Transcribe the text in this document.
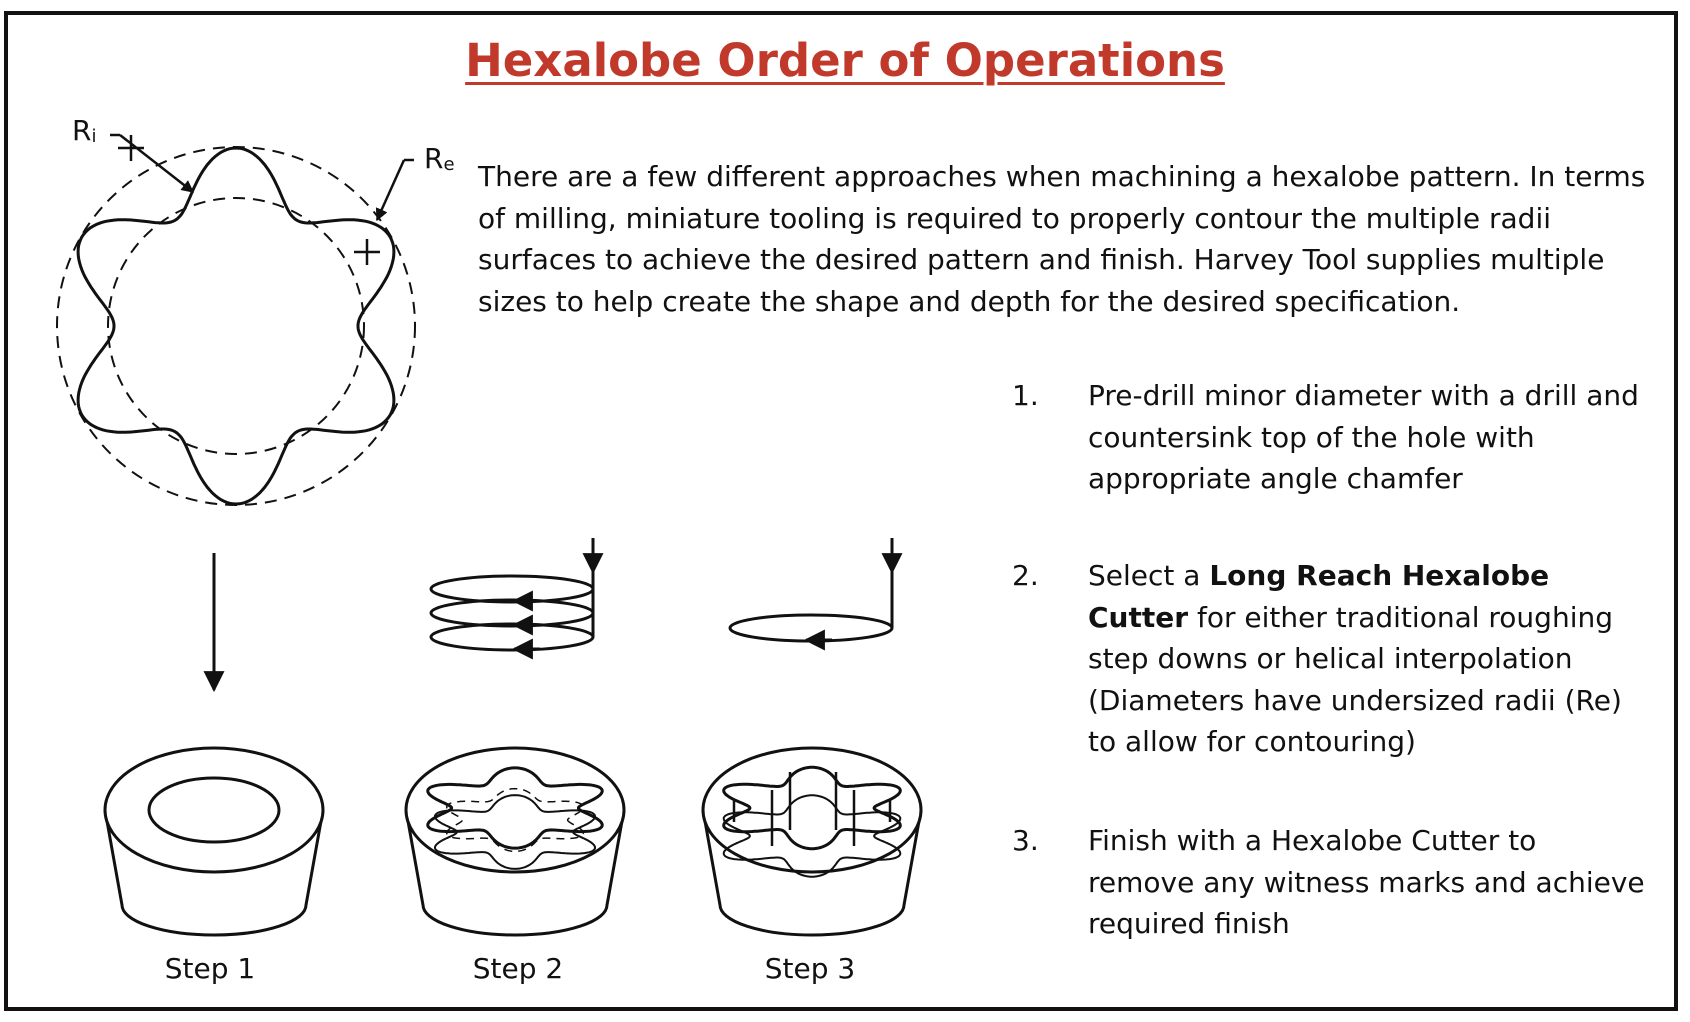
Hexalobe Order of Operations
There are a few different approaches when machining a hexalobe pattern. In terms of milling, miniature tooling is required to properly contour the multiple radii surfaces to achieve the desired pattern and finish. Harvey Tool supplies multiple sizes to help create the shape and depth for the desired specification.
1.	Pre-drill minor diameter with a drill and countersink top of the hole with appropriate angle chamfer
2.	Select a Long Reach Hexalobe Cutter for either traditional roughing step downs or helical interpolation
(Diameters have undersized radii (Re) to allow for contouring)
3.	Finish with a Hexalobe Cutter to remove any witness marks and achieve required finish
$R_i$
$R_e$
Step 1	Step 2	Step 3
